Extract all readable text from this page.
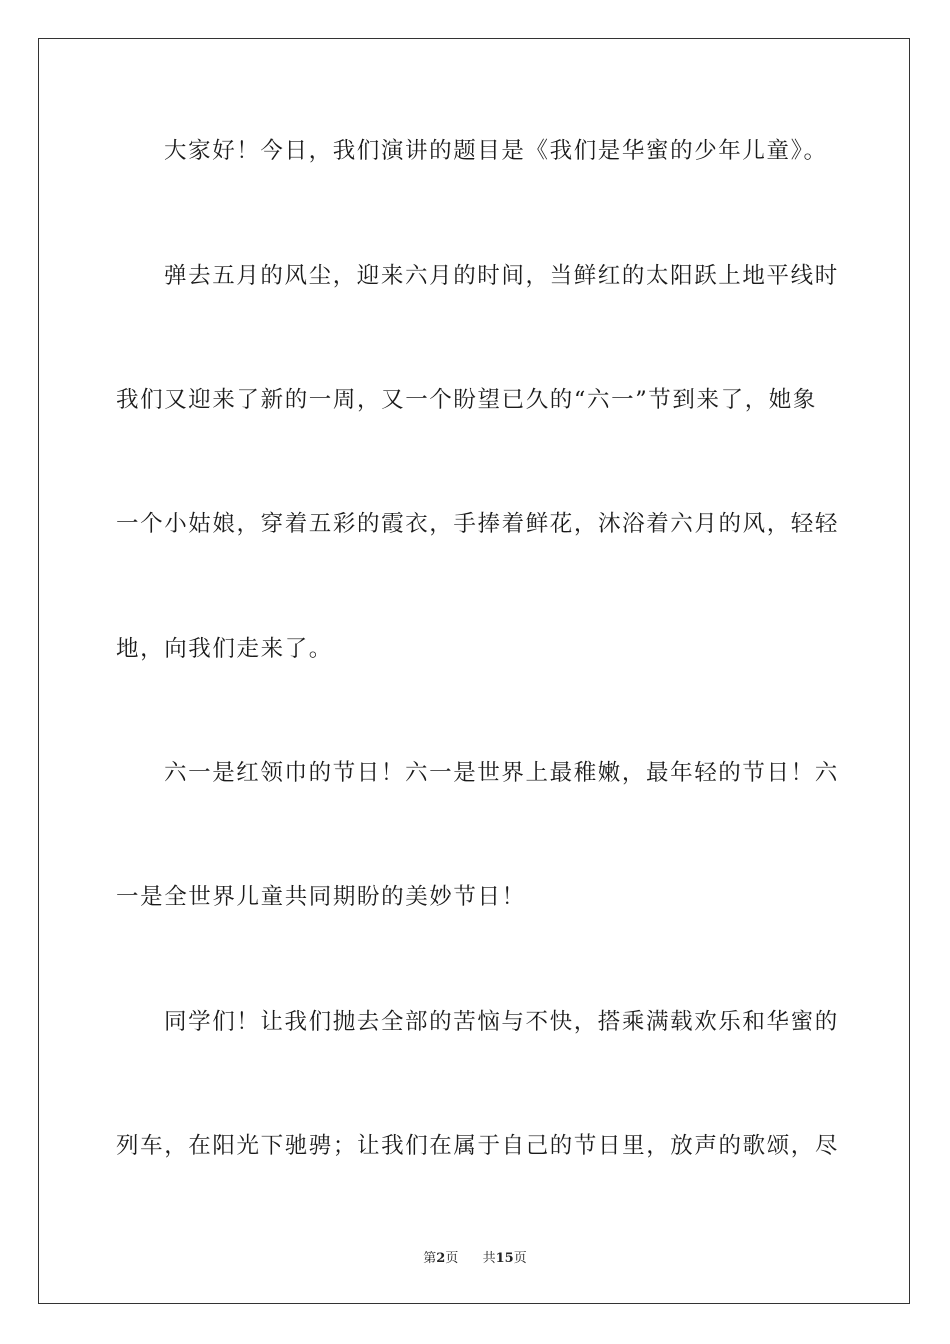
大家好！今日，我们演讲的题目是《我们是华蜜的少年儿童》。
弹去五月的风尘，迎来六月的时间，当鲜红的太阳跃上地平线时
我们又迎来了新的一周，又一个盼望已久的“六一”节到来了，她象
一个小姑娘，穿着五彩的霞衣，手捧着鲜花，沐浴着六月的风，轻轻
地，向我们走来了。
六一是红领巾的节日！六一是世界上最稚嫩，最年轻的节日！六
一是全世界儿童共同期盼的美妙节日！
同学们！让我们抛去全部的苦恼与不快，搭乘满载欢乐和华蜜的
列车，在阳光下驰骋；让我们在属于自己的节日里，放声的歌颂，尽
第2页 共15页
